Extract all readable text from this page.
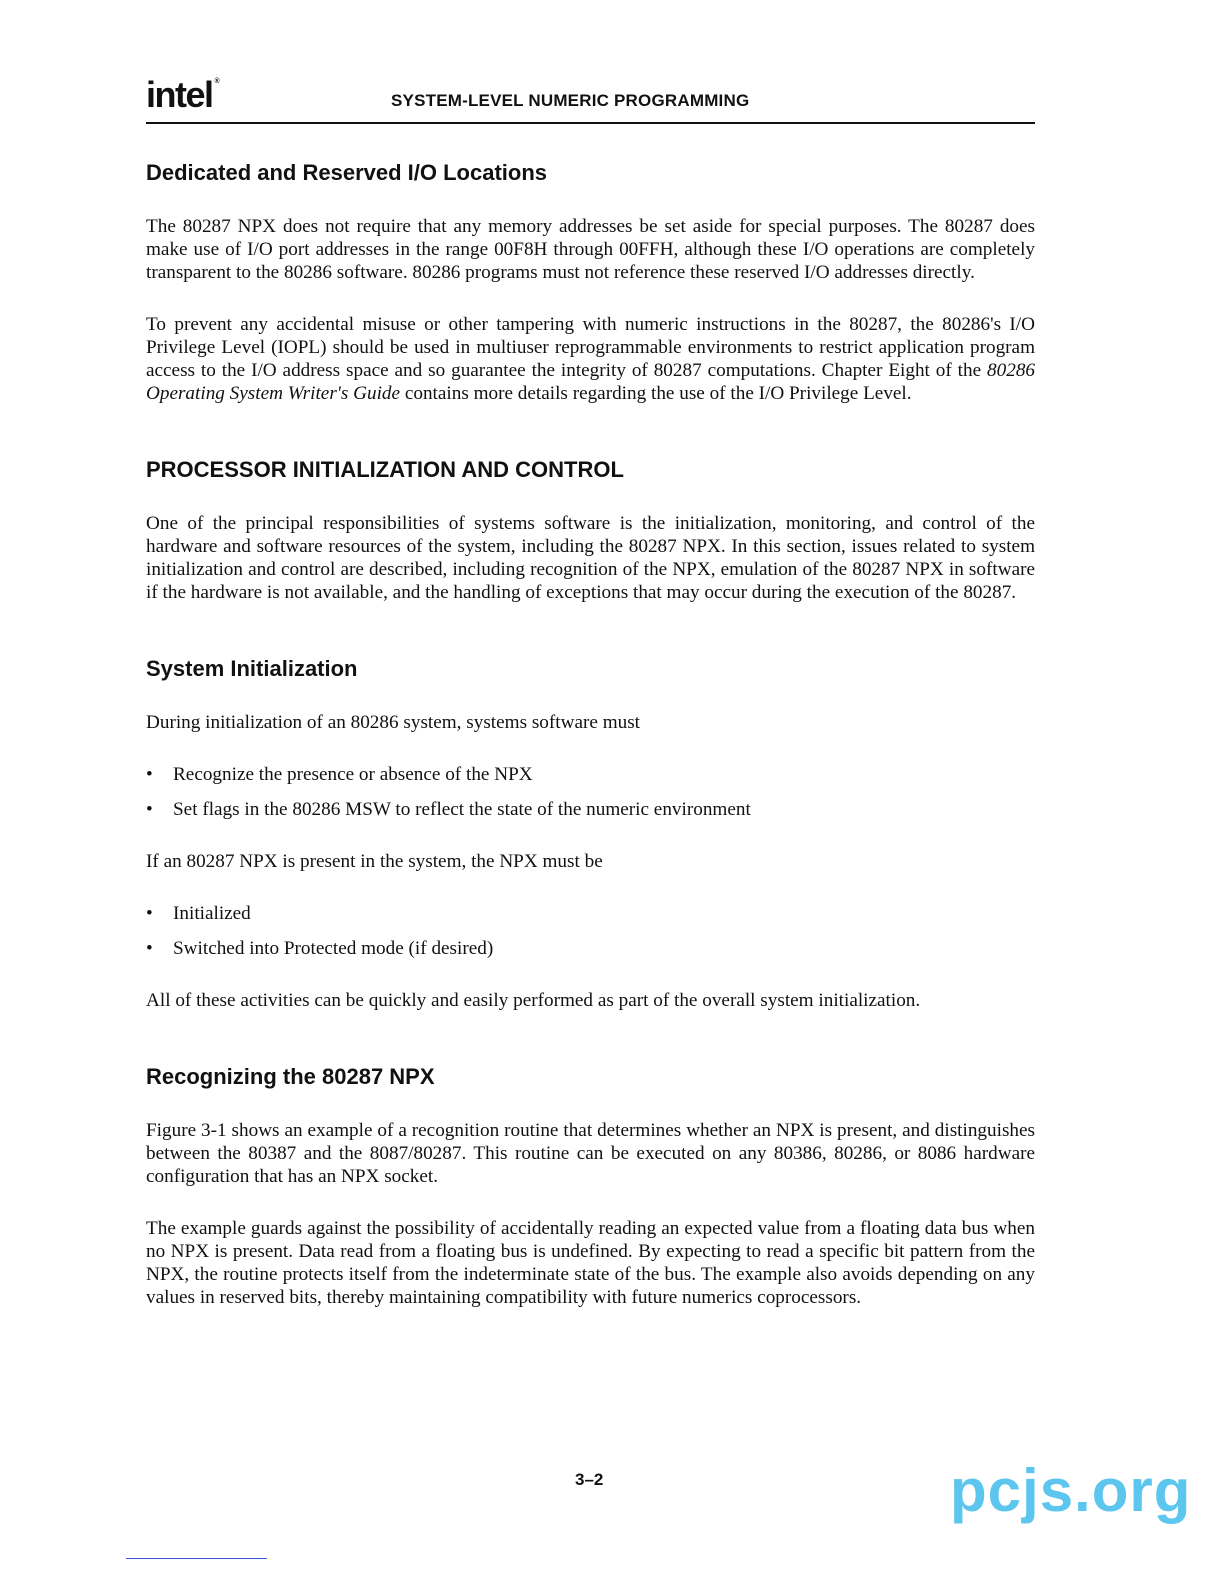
intel ®
SYSTEM-LEVEL NUMERIC PROGRAMMING
Dedicated and Reserved I/O Locations

The 80287 NPX does not require that any memory addresses be set aside for special purposes. The 80287 does make use of I/O port addresses in the range 00F8H through 00FFH, although these I/O operations are completely transparent to the 80286 software. 80286 programs must not reference these reserved I/O addresses directly.

To prevent any accidental misuse or other tampering with numeric instructions in the 80287, the 80286's I/O Privilege Level (IOPL) should be used in multiuser reprogrammable environments to restrict application program access to the I/O address space and so guarantee the integrity of 80287 computations. Chapter Eight of the 80286 Operating System Writer's Guide contains more details regarding the use of the I/O Privilege Level.

PROCESSOR INITIALIZATION AND CONTROL

One of the principal responsibilities of systems software is the initialization, monitoring, and control of the hardware and software resources of the system, including the 80287 NPX. In this section, issues related to system initialization and control are described, including recognition of the NPX, emulation of the 80287 NPX in software if the hardware is not available, and the handling of exceptions that may occur during the execution of the 80287.

System Initialization

During initialization of an 80286 system, systems software must

• Recognize the presence or absence of the NPX
• Set flags in the 80286 MSW to reflect the state of the numeric environment

If an 80287 NPX is present in the system, the NPX must be

• Initialized
• Switched into Protected mode (if desired)

All of these activities can be quickly and easily performed as part of the overall system initialization.

Recognizing the 80287 NPX

Figure 3-1 shows an example of a recognition routine that determines whether an NPX is present, and distinguishes between the 80387 and the 8087/80287. This routine can be executed on any 80386, 80286, or 8086 hardware configuration that has an NPX socket.

The example guards against the possibility of accidentally reading an expected value from a floating data bus when no NPX is present. Data read from a floating bus is undefined. By expecting to read a specific bit pattern from the NPX, the routine protects itself from the indeterminate state of the bus. The example also avoids depending on any values in reserved bits, thereby maintaining compatibility with future numerics coprocessors.

3–2	pcjs.org
